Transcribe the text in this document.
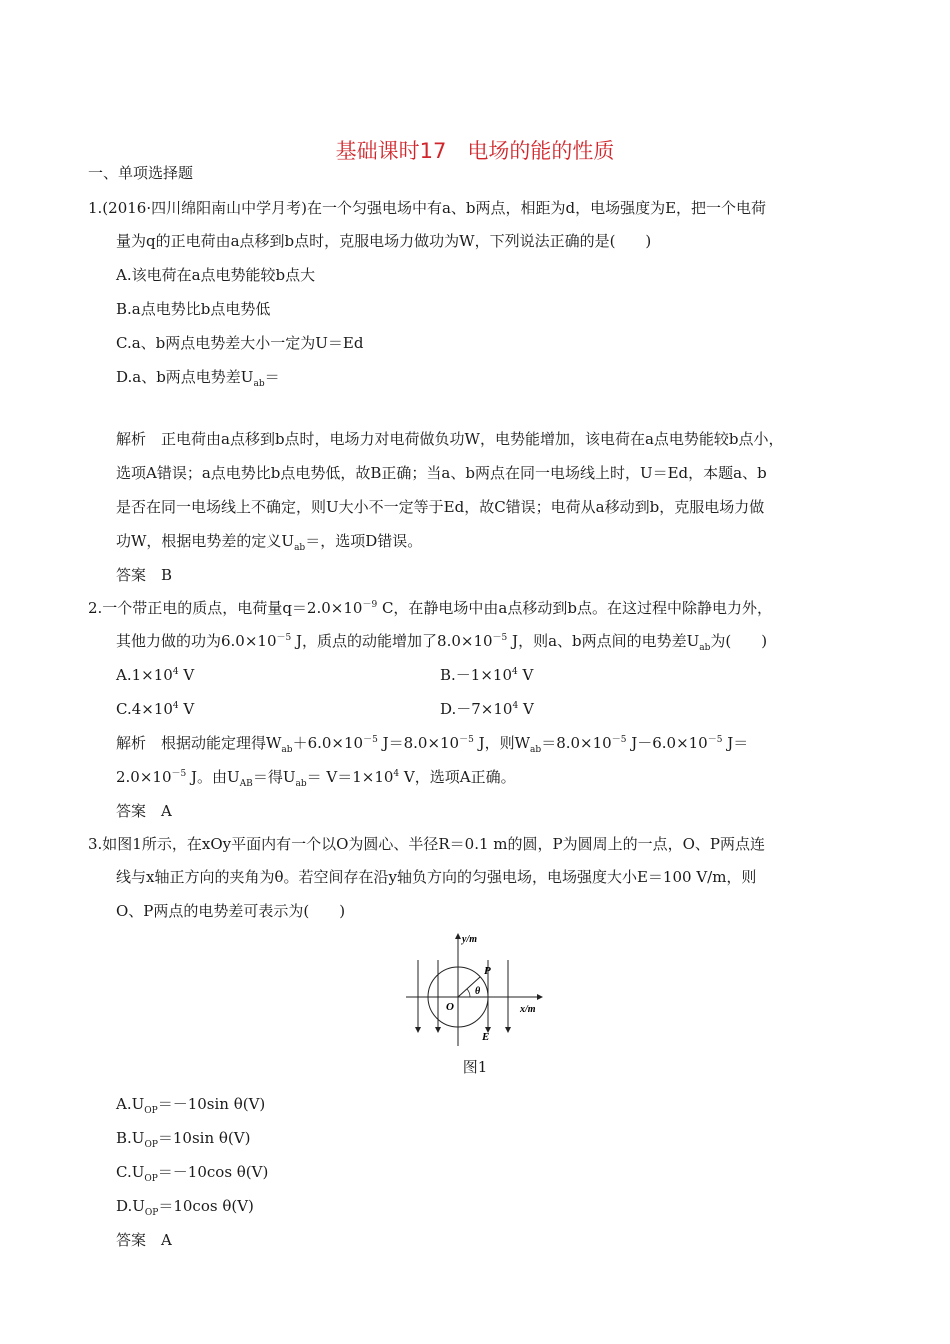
基础课时17　电场的能的性质
一、单项选择题
1.(2016·四川绵阳南山中学月考)在一个匀强电场中有a、b两点，相距为d，电场强度为E，把一个电荷
量为q的正电荷由a点移到b点时，克服电场力做功为W，下列说法正确的是(　　)
A.该电荷在a点电势能较b点大
B.a点电势比b点电势低
C.a、b两点电势差大小一定为U＝Ed
D.a、b两点电势差$U_{ab}=$
解析　正电荷由a点移到b点时，电场力对电荷做负功W，电势能增加，该电荷在a点电势能较b点小，
选项A错误；a点电势比b点电势低，故B正确；当a、b两点在同一电场线上时，U＝Ed，本题a、b
是否在同一电场线上不确定，则U大小不一定等于Ed，故C错误；电荷从a移动到b，克服电场力做
功W，根据电势差的定义$U_{ab}=$，选项D错误。
答案　B
2.一个带正电的质点，电荷量$q=2.0\times 10^{-9}$ C，在静电场中由a点移动到b点。在这过程中除静电力外，
其他力做的功为$6.0\times 10^{-5}$ J，质点的动能增加了$8.0\times 10^{-5}$ J，则a、b两点间的电势差$U_{ab}$为(　　)
$A.1\times 10^4$ V	$B.-1\times 10^4$ V
$C.4\times 10^4$ V	$D.-7\times 10^4$ V
解析　根据动能定理得$W_{ab}+6.0\times 10^{-5}$ $J=8.0\times 10^{-5}$ J，则$W_{ab}=8.0\times 10^{-5}$ $J-6.0\times 10^{-5}$ J＝
$2.0\times 10^{-5}$ J。由$U_{AB}=$得$U_{ab}= V=1\times 10^4$ V，选项A正确。
答案　A
3.如图1所示，在xOy平面内有一个以O为圆心、半径R＝0.1 m的圆，P为圆周上的一点，O、P两点连
线与x轴正方向的夹角为θ。若空间存在沿y轴负方向的匀强电场，电场强度大小E＝100 V/m，则
O、P两点的电势差可表示为(　　)
y/m
x/m
P
O
θ
E
图1
$A.U_{OP}=-10\sin$ θ(V)
$B.U_{OP}=10\sin$ θ(V)
$C.U_{OP}=-10\cos$ θ(V)
$D.U_{OP}=10\cos$ θ(V)
答案　A
